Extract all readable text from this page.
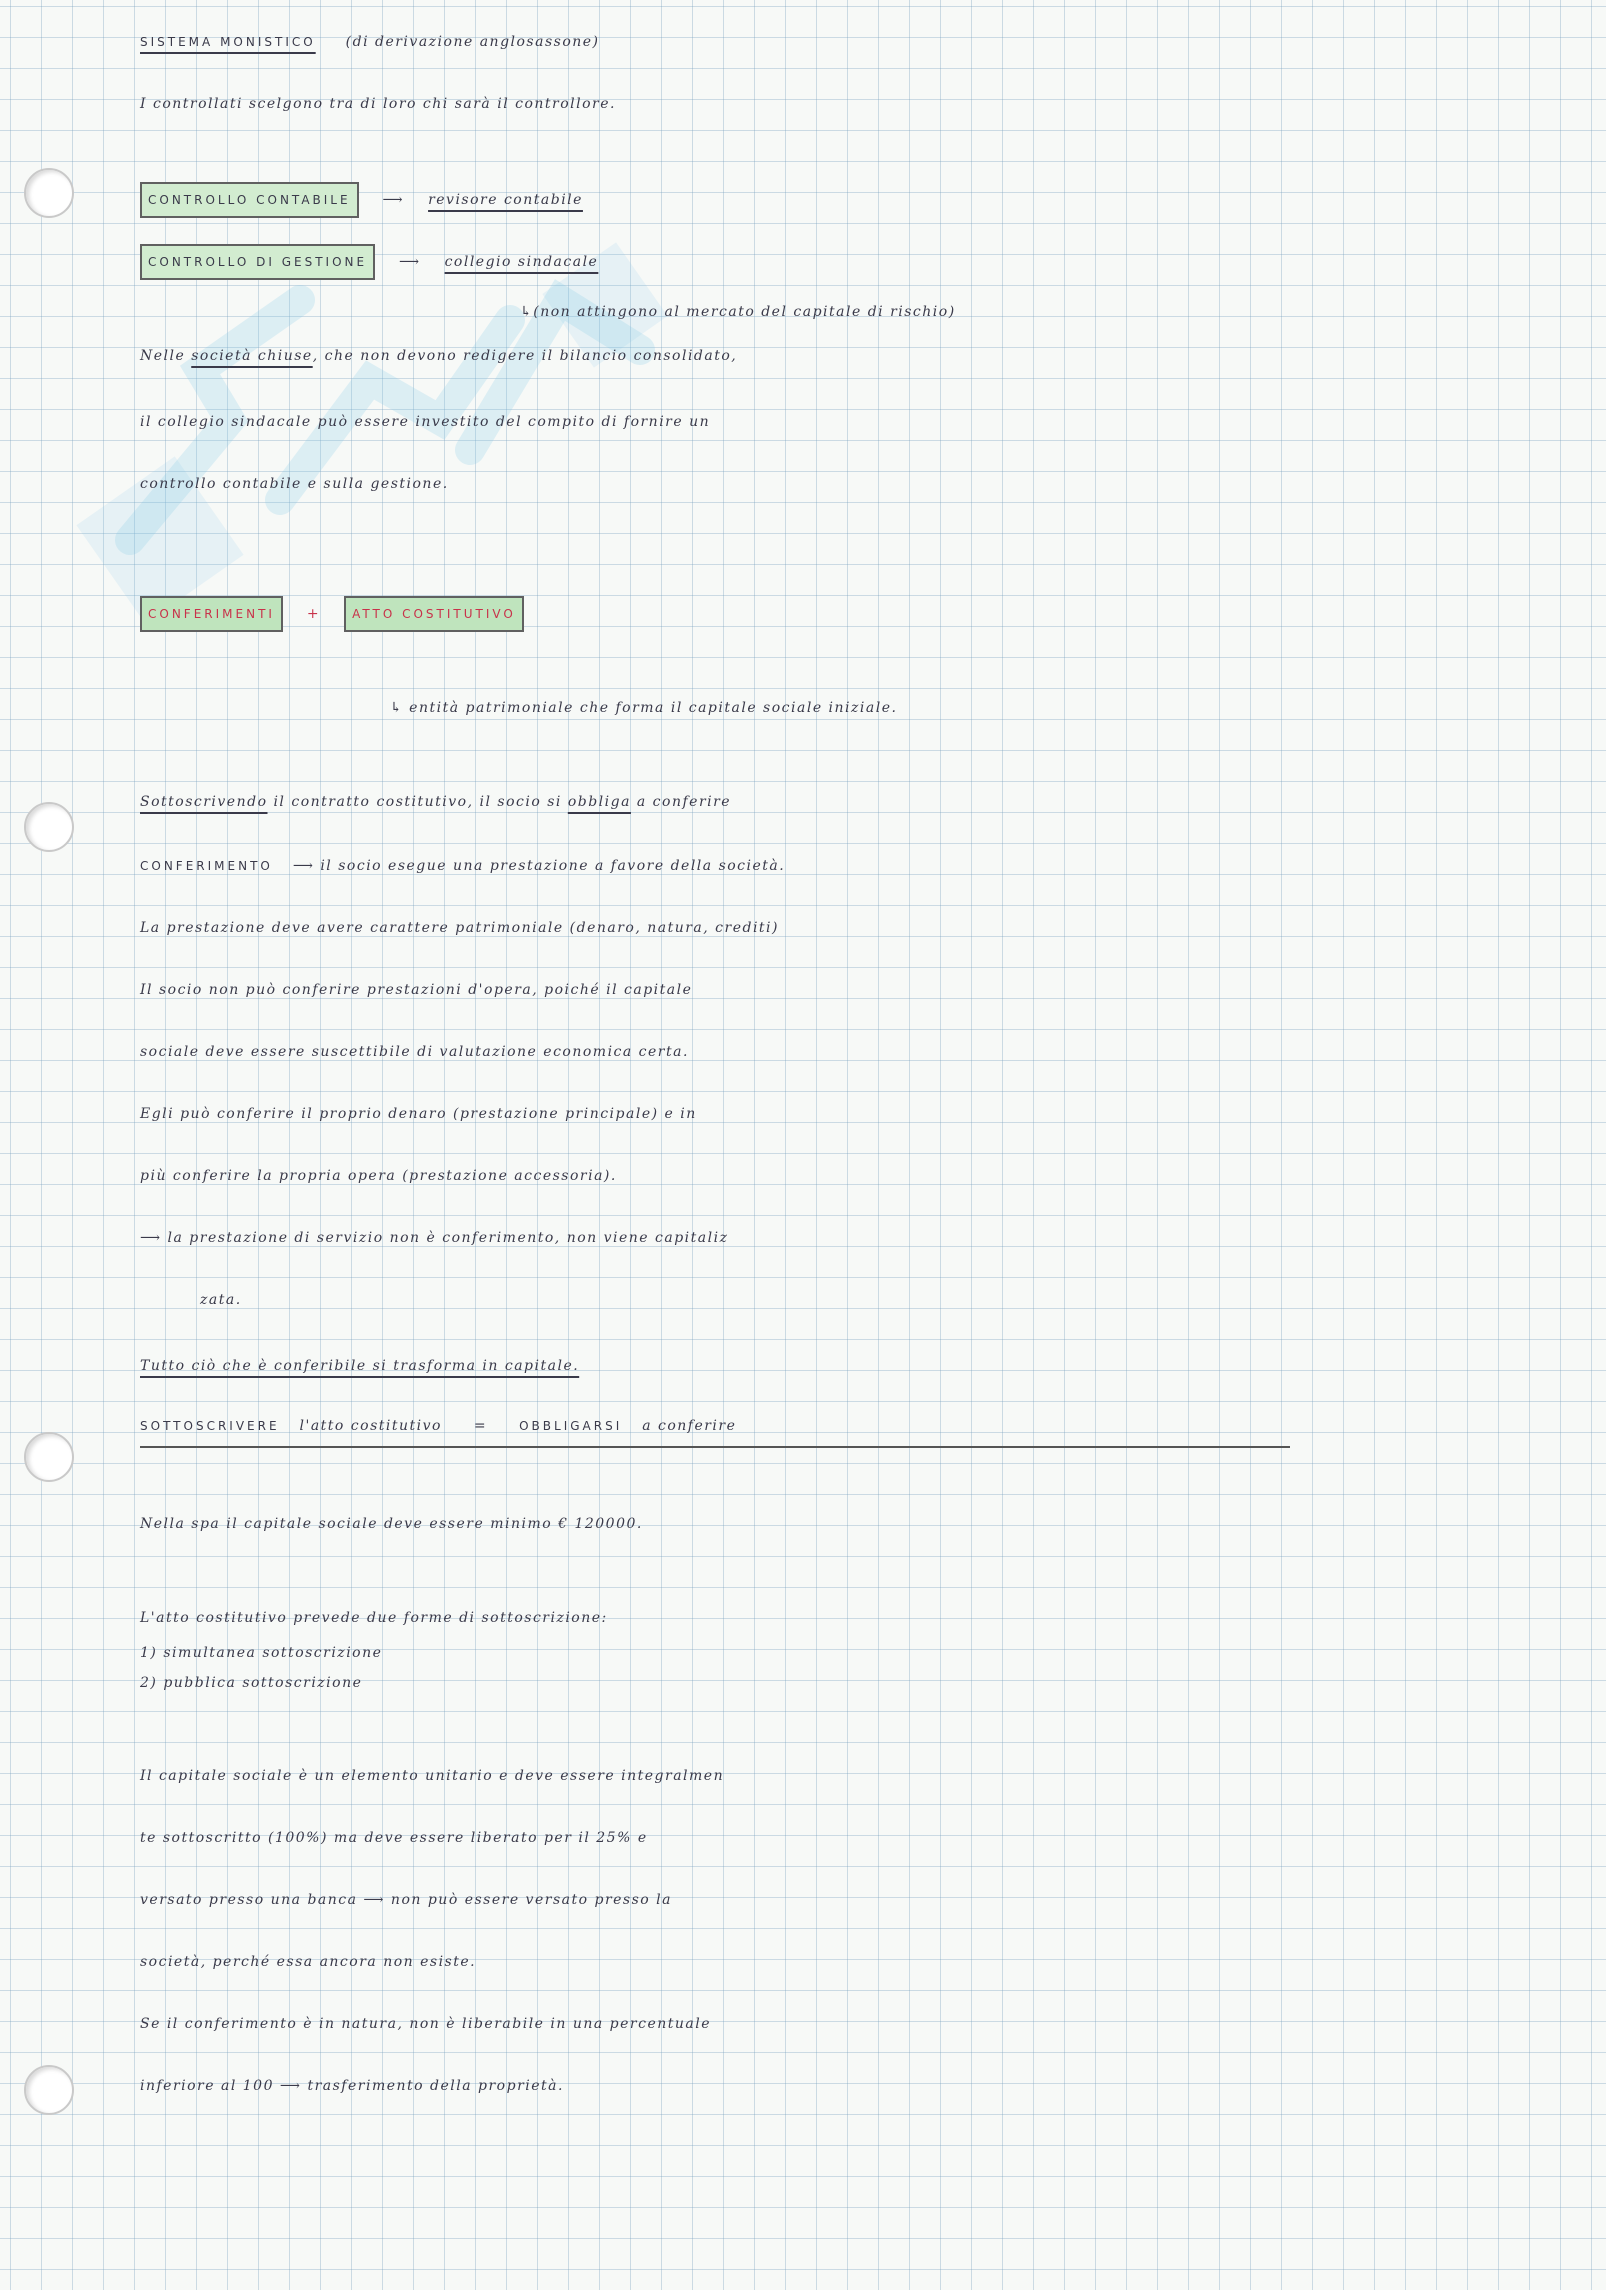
SISTEMA MONISTICO (di derivazione anglosassone)
I controllati scelgono tra di loro chi sarà il controllore.
CONTROLLO CONTABILE ⟶ revisore contabile
CONTROLLO DI GESTIONE ⟶ collegio sindacale
↳(non attingono al mercato del capitale di rischio)
Nelle società chiuse, che non devono redigere il bilancio consolidato,
il collegio sindacale può essere investito del compito di fornire un
controllo contabile e sulla gestione.
CONFERIMENTI +	ATTO COSTITUTIVO
↳ entità patrimoniale che forma il capitale sociale iniziale.
Sottoscrivendo il contratto costitutivo, il socio si obbliga a conferire
CONFERIMENTO ⟶ il socio esegue una prestazione a favore della società.
La prestazione deve avere carattere patrimoniale (denaro, natura, crediti)
Il socio non può conferire prestazioni d'opera, poiché il capitale
sociale deve essere suscettibile di valutazione economica certa.
Egli può conferire il proprio denaro (prestazione principale) e in
più conferire la propria opera (prestazione accessoria).
⟶ la prestazione di servizio non è conferimento, non viene capitaliz
zata.
Tutto ciò che è conferibile si trasforma in capitale.
SOTTOSCRIVERE l'atto costitutivo =	OBBLIGARSI a conferire
Nella spa il capitale sociale deve essere minimo € 120000.
L'atto costitutivo prevede due forme di sottoscrizione:
1) simultanea sottoscrizione
2) pubblica sottoscrizione
Il capitale sociale è un elemento unitario e deve essere integralmen
te sottoscritto (100%) ma deve essere liberato per il 25% e
versato presso una banca ⟶ non può essere versato presso la
società, perché essa ancora non esiste.
Se il conferimento è in natura, non è liberabile in una percentuale
inferiore al 100 ⟶ trasferimento della proprietà.
